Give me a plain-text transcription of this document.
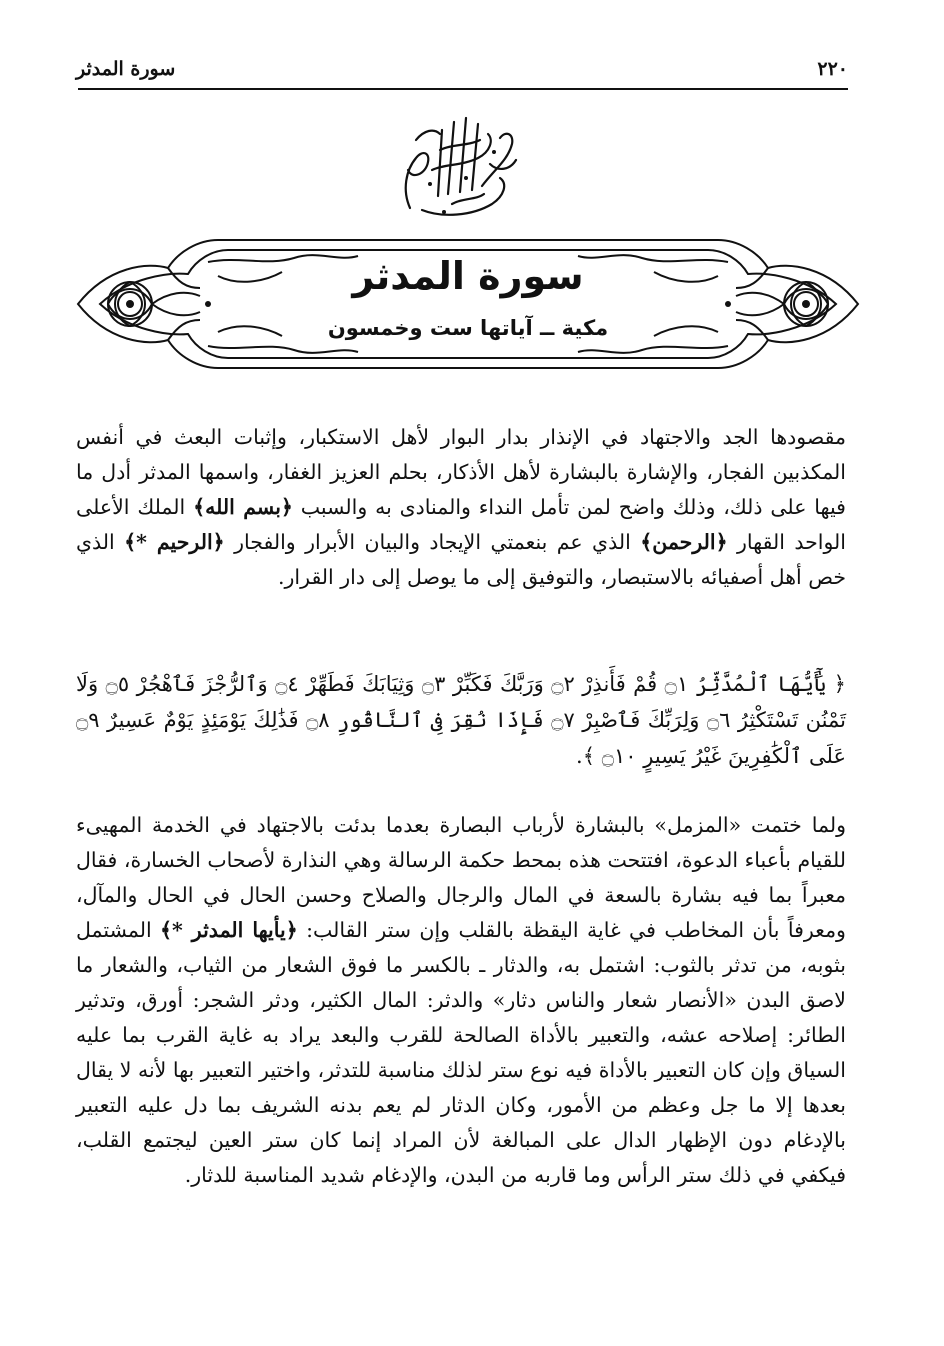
٢٢٠
سورة المدثر
سورة المدثر
مكية ــ آياتها ست وخمسون
مقصودها الجد والاجتهاد في الإنذار بدار البوار لأهل الاستكبار، وإثبات البعث في أنفس المكذبين الفجار، والإشارة بالبشارة لأهل الأذكار، بحلم العزيز الغفار، واسمها المدثر أدل ما فيها على ذلك، وذلك واضح لمن تأمل النداء والمنادى به والسبب ﴿بسم الله﴾ الملك الأعلى الواحد القهار ﴿الرحمن﴾ الذي عم بنعمتي الإيجاد والبيان الأبرار والفجار ﴿الرحيم *﴾ الذي خص أهل أصفيائه بالاستبصار، والتوفيق إلى ما يوصل إلى دار القرار.
﴿ يَٰٓأَيُّهَا ٱلْمُدَّثِّرُ ۝١ قُمْ فَأَنذِرْ ۝٢ وَرَبَّكَ فَكَبِّرْ ۝٣ وَثِيَابَكَ فَطَهِّرْ ۝٤ وَٱلرُّجْزَ فَٱهْجُرْ ۝٥ وَلَا تَمْنُن تَسْتَكْثِرُ ۝٦ وَلِرَبِّكَ فَٱصْبِرْ ۝٧ فَإِذَا نُقِرَ فِى ٱلنَّاقُورِ ۝٨ فَذَٰلِكَ يَوْمَئِذٍ يَوْمٌ عَسِيرٌ ۝٩ عَلَى ٱلْكَٰفِرِينَ غَيْرُ يَسِيرٍ ۝١٠ ﴾.
ولما ختمت «المزمل» بالبشارة لأرباب البصارة بعدما بدئت بالاجتهاد في الخدمة المهيىء للقيام بأعباء الدعوة، افتتحت هذه بمحط حكمة الرسالة وهي النذارة لأصحاب الخسارة، فقال معبراً بما فيه بشارة بالسعة في المال والرجال والصلاح وحسن الحال في الحال والمآل، ومعرفاً بأن المخاطب في غاية اليقظة بالقلب وإن ستر القالب: ﴿يأيها المدثر *﴾ المشتمل بثوبه، من تدثر بالثوب: اشتمل به، والدثار ـ بالكسر ما فوق الشعار من الثياب، والشعار ما لاصق البدن «الأنصار شعار والناس دثار» والدثر: المال الكثير، ودثر الشجر: أورق، وتدثير الطائر: إصلاحه عشه، والتعبير بالأداة الصالحة للقرب والبعد يراد به غاية القرب بما عليه السياق وإن كان التعبير بالأداة فيه نوع ستر لذلك مناسبة للتدثر، واختير التعبير بها لأنه لا يقال بعدها إلا ما جل وعظم من الأمور، وكان الدثار لم يعم بدنه الشريف بما دل عليه التعبير بالإدغام دون الإظهار الدال على المبالغة لأن المراد إنما كان ستر العين ليجتمع القلب، فيكفي في ذلك ستر الرأس وما قاربه من البدن، والإدغام شديد المناسبة للدثار.
